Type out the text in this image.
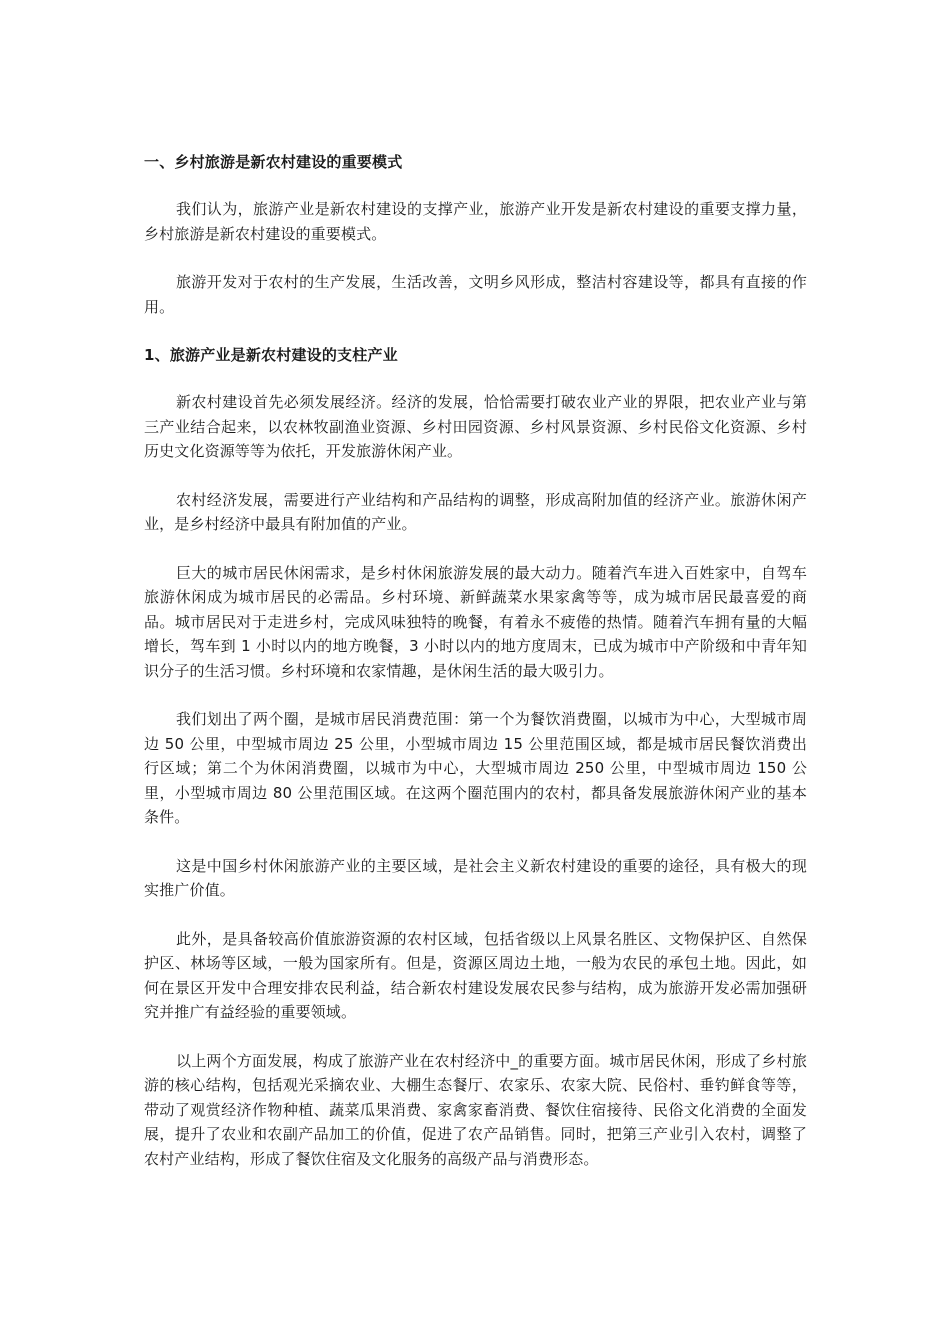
一、乡村旅游是新农村建设的重要模式
我们认为，旅游产业是新农村建设的支撑产业，旅游产业开发是新农村建设的重要支撑力量，乡村旅游是新农村建设的重要模式。
旅游开发对于农村的生产发展，生活改善，文明乡风形成，整洁村容建设等，都具有直接的作用。
1、旅游产业是新农村建设的支柱产业
新农村建设首先必须发展经济。经济的发展，恰恰需要打破农业产业的界限，把农业产业与第三产业结合起来，以农林牧副渔业资源、乡村田园资源、乡村风景资源、乡村民俗文化资源、乡村历史文化资源等等为依托，开发旅游休闲产业。
农村经济发展，需要进行产业结构和产品结构的调整，形成高附加值的经济产业。旅游休闲产业，是乡村经济中最具有附加值的产业。
巨大的城市居民休闲需求，是乡村休闲旅游发展的最大动力。随着汽车进入百姓家中，自驾车旅游休闲成为城市居民的必需品。乡村环境、新鲜蔬菜水果家禽等等，成为城市居民最喜爱的商品。城市居民对于走进乡村，完成风味独特的晚餐，有着永不疲倦的热情。随着汽车拥有量的大幅增长，驾车到 1 小时以内的地方晚餐，3 小时以内的地方度周末，已成为城市中产阶级和中青年知识分子的生活习惯。乡村环境和农家情趣，是休闲生活的最大吸引力。
我们划出了两个圈，是城市居民消费范围：第一个为餐饮消费圈，以城市为中心，大型城市周边 50 公里，中型城市周边 25 公里，小型城市周边 15 公里范围区域，都是城市居民餐饮消费出行区域；第二个为休闲消费圈，以城市为中心，大型城市周边 250 公里，中型城市周边 150 公里，小型城市周边 80 公里范围区域。在这两个圈范围内的农村，都具备发展旅游休闲产业的基本条件。
这是中国乡村休闲旅游产业的主要区域，是社会主义新农村建设的重要的途径，具有极大的现实推广价值。
此外，是具备较高价值旅游资源的农村区域，包括省级以上风景名胜区、文物保护区、自然保护区、林场等区域，一般为国家所有。但是，资源区周边土地，一般为农民的承包土地。因此，如何在景区开发中合理安排农民利益，结合新农村建设发展农民参与结构，成为旅游开发必需加强研究并推广有益经验的重要领域。
以上两个方面发展，构成了旅游产业在农村经济中_的重要方面。城市居民休闲，形成了乡村旅游的核心结构，包括观光采摘农业、大棚生态餐厅、农家乐、农家大院、民俗村、垂钓鲜食等等，带动了观赏经济作物种植、蔬菜瓜果消费、家禽家畜消费、餐饮住宿接待、民俗文化消费的全面发展，提升了农业和农副产品加工的价值，促进了农产品销售。同时，把第三产业引入农村，调整了农村产业结构，形成了餐饮住宿及文化服务的高级产品与消费形态。
